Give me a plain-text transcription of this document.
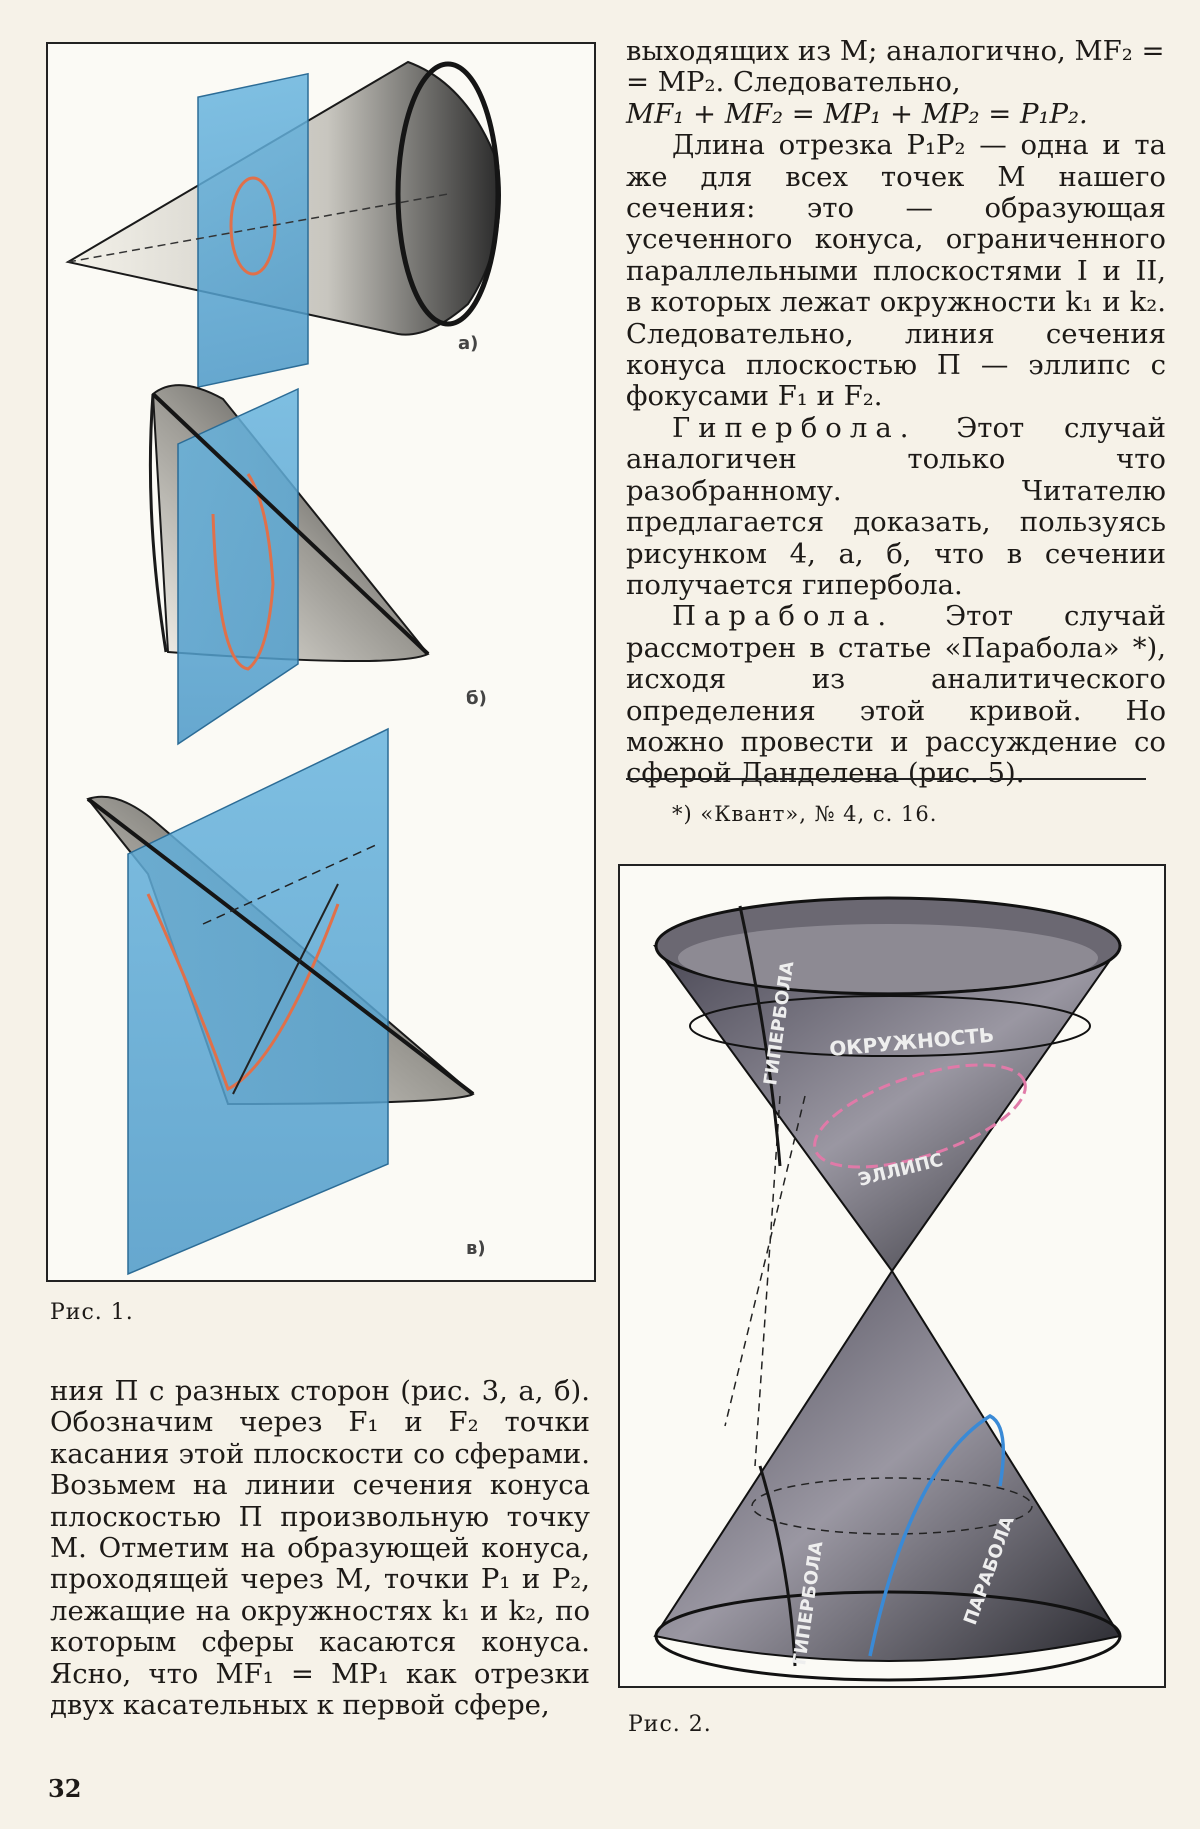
а)
б)
в)
Рис. 1.
ГИПЕРБОЛА ОКРУЖНОСТЬ
ЭЛЛИПС
ГИПЕРБОЛА	ПАРАБОЛА
Рис. 2.

выходящих из M; аналогично, MF₂ =

= MP₂. Следовательно,

MF₁ + MF₂ = MP₁ + MP₂ = P₁P₂.

Длина отрезка P₁P₂ — одна и та же для всех точек M нашего сечения: это — образующая усеченного конуса, ограниченного параллельными плоскостями I и II, в которых лежат окружности k₁ и k₂. Следовательно, линия сечения конуса плоскостью П — эллипс с фокусами F₁ и F₂.

Гипербола. Этот случай аналогичен только что разобранному. Читателю предлагается доказать, пользуясь рисунком 4, а, б, что в сечении получается гипербола.

Парабола. Этот случай рассмотрен в статье «Парабола» *), исходя из аналитического определения этой кривой. Но можно провести и рассуждение со сферой Данделена (рис. 5).

*) «Квант», № 4, с. 16.
ния П с разных сторон (рис. 3, а, б). Обозначим через F₁ и F₂ точки касания этой плоскости со сферами. Возьмем на линии сечения конуса плоскостью П произвольную точку M. Отметим на образующей конуса, проходящей через M, точки P₁ и P₂, лежащие на окружностях k₁ и k₂, по которым сферы касаются конуса. Ясно, что MF₁ = MP₁ как отрезки двух касательных к первой сфере,
32
